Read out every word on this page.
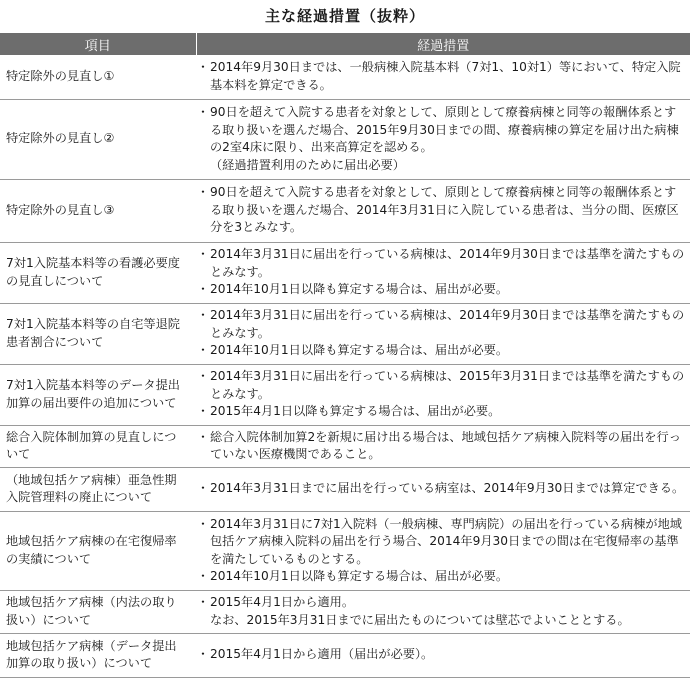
主な経過措置（抜粋）
項目	経過措置
特定除外の見直し①	・ 2014年9月30日までは、一般病棟入院基本料（7対1、10対1）等において、特定入院基本料を算定できる。

特定除外の見直し②	・ 90日を超えて入院する患者を対象として、原則として療養病棟と同等の報酬体系とする取り扱いを選んだ場合、2015年9月30日までの間、療養病棟の算定を届け出た病棟の2室4床に限り、出来高算定を認める。
（経過措置利用のために届出必要）

特定除外の見直し③	・ 90日を超えて入院する患者を対象として、原則として療養病棟と同等の報酬体系とする取り扱いを選んだ場合、2014年3月31日に入院している患者は、当分の間、医療区分を3とみなす。

7対1入院基本料等の看護必要度の見直しについて	・ 2014年3月31日に届出を行っている病棟は、2014年9月30日までは基準を満たすものとみなす。
・ 2014年10月1日以降も算定する場合は、届出が必要。

7対1入院基本料等の自宅等退院患者割合について	・ 2014年3月31日に届出を行っている病棟は、2014年9月30日までは基準を満たすものとみなす。
・ 2014年10月1日以降も算定する場合は、届出が必要。

7対1入院基本料等のデータ提出加算の届出要件の追加について	・ 2014年3月31日に届出を行っている病棟は、2015年3月31日までは基準を満たすものとみなす。
・ 2015年4月1日以降も算定する場合は、届出が必要。

総合入院体制加算の見直しについて	・ 総合入院体制加算2を新規に届け出る場合は、地域包括ケア病棟入院料等の届出を行っていない医療機関であること。

（地域包括ケア病棟）亜急性期入院管理料の廃止について	・ 2014年3月31日までに届出を行っている病室は、2014年9月30日までは算定できる。

地域包括ケア病棟の在宅復帰率の実績について	・ 2014年3月31日に7対1入院料（一般病棟、専門病院）の届出を行っている病棟が地域包括ケア病棟入院料の届出を行う場合、2014年9月30日までの間は在宅復帰率の基準を満たしているものとする。
・ 2014年10月1日以降も算定する場合は、届出が必要。

地域包括ケア病棟（内法の取り扱い）について	・ 2015年4月1日から適用。
なお、2015年3月31日までに届出たものについては壁芯でよいこととする。

地域包括ケア病棟（データ提出加算の取り扱い）について	・ 2015年4月1日から適用（届出が必要）。
